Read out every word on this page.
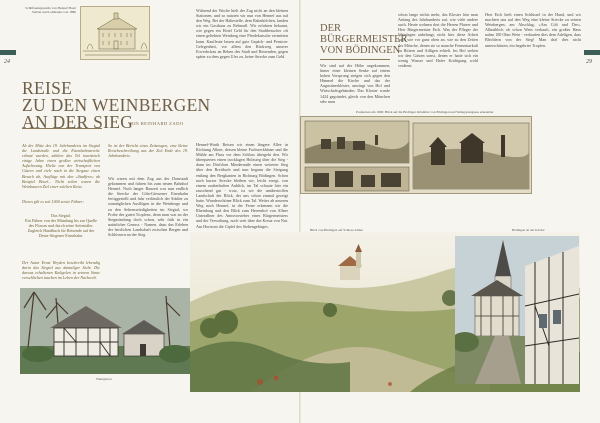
24
Schiffsanlegestelle von Hennef Hotel Stebler und Lehmanns von 1880
REISE
ZU DEN WEINBERGEN
AN DER SIEG
VON REINHARD ZADO
Ab der Mitte des 19. Jahrhunderts im Siegtal die Landstraße und die Eisenbahnstrecke erbaut wurden, zählten das Tal touristisch einige Jahre einen großen wirtschaftlichen Aufschwung. Hielte nur der Transport von Gütern und viele nach in die Siegaue einen Besuch ab, Ausflüge mit den »Stadfern« ab Beispiel Beuel... Nicht selten waren die Weinbauern Ziel einer solchen Reise.
Dieses gilt es seit 1000 sowie Führer:
Das Siegtal.
Ein Führer von der Mündung bis zur Quelle des Flusses und durch seine Seitentäler.
Zugleich Handbuch für Reisende auf der Deutz-Siegener Eisenbahn.
Der Autor Ernst Weyden beschreibt lebendig darin das Siegtal aus damaliger Sicht. Die daraus erhaltenen Kaltgolen in seinem Sinne verschlichen tauchen im Leben der Nachwelt.
So ist der Bericht eines Zeitzeugen, eine kleine Reisebeschreibung aus der Zeit Ende des 19. Jahrhunderts.
Wir waren mit dem Zug aus der Domstadt gekommen und fuhren bis zum neuen Bahnhof Hennef. Nach langer Bauzeit war nun endlich die Strecke der Cöln-Giessener Eisenbahn fertiggestellt und fuhr verlässlich der Städter zu sonntäglichen Ausflügen in die Weinberge und zu den Sehenswürdigkeiten im Siegtal, wo Probe des guten Tropfens, denn man war an der Siegmündung doch schon, sehr früh in ein natürlicher Genuss - Namen, dazu das Erleben der herrlichen Landschaft zwischen Bergen und Schlössern an der Sieg.
Während der Woche hielt der Zug nicht an den kleinen Stationen, und so nutzten wir nun von Hennef aus auf den Weg. Bei der Haltestelle, dem Bahnhöfchen, fanden wir ein Gasthaus zu Rebmull. Wir erfuhren bekannt, wie gegen ein Hotel Geld für den Stadtbesucher oft einen geliebten Weinberg eine Pferdekutsche vermieten kann. Kaufleute lassen auf gute Gepäck- und Pension-Gelegenheit, vor allem den Rückweg unserer Erwerbsfrau an Reben des Stadt und Reisenden, gegen später zu dem gegen Ufer zu, keine Strecke zum Geld.
Hennef-Warth Reisen wir einen längere Allee in Richtung Allner, dessen kleine Fachwerkhäuse und die Mühle am Fluss vor dem Schloss übergeht den. Wir überquerten einen trocklagen Holzsteg über die Sieg - dann im Dörfchen Mindermüle einen weiteren Steg über den Breitbach und nun begann die Steigung entlang den Bergkanten in Richtung Bödingen. Schon nach kurzer Strecke bleiben wir, leicht erregt, von einem zauberhaften Anblick, im Tal schaute hier ein rauschend gut - trotz, ist wir die unübertroffen Landschaft der Blick, der uns schon einmal gezeigt hatte. Wunderschöner Blick zum Tal. Weiter ab unseren Weg nach Hennef, in der Ferne erkennen wir die Rheinburg und den Blick zum Herrenhof von Allner Unterallner des Amtsvorsteher eines Bürgermeisters und der Verwaltung, noch weit über das Kreuz von Nut. Am Horizont die Gipfel des Siebengebirges.
Weingarten
Blick von Bödingen auf Schloss Allner
29
DER
BÜRGERMEISTER
VON BÖDINGEN
Wir sind auf der Höhe angekommen, hinter einer kleinen Senke auf einem hohen Vorsprung steigen sich gegen den Himmel die Kirche und das der Augustinerklöster, umringt von Hof und Wirtschaftsgebäuden. Das Kloster wurde 1424 gegründet, gleich von den Mönchen sehr man
schon lange nichts mehr, das Kloster löse man Anfang des Jahrhunderts auf, wie viele andere auch. Heute wohnen dort die Herren Pfarrer und Herr Bürgermeister Eich. Was der Pfleger der Weinlagen anbelangt, nicht hier diese Arbeit nach wie vor ganz oben an, wie zu den Zeiten der Mönche, denen sie so manche Fermentarkult zu Rittern und Adligen erhielt. Im Hof stehen wir den Gästen sonst, denen er hatte sich ein wenig Wasser und Hafer Kräftigung wohl verdient.
Herr Eich hielt einen Schlüssel in der Hand, und wir machten uns auf den Weg eine kleine Strecke zu seinen Weinbergen, am Abschlag, »Am Cölt und Der«. Allmählich ob schon Wein verkauft, ein großes Haus nahm 100 Ohm Wein - verkaufen dies dem Adeligen, dass Blechlern von der Sieg! Man darf dies nicht unterschätzen, ein begehrter Tropfen.
Postkarten um 1900: Blick auf die Bödinger Ortsmitte von Bödingen und Weingartengasse erkennbar
Bödingen an der Kirche
